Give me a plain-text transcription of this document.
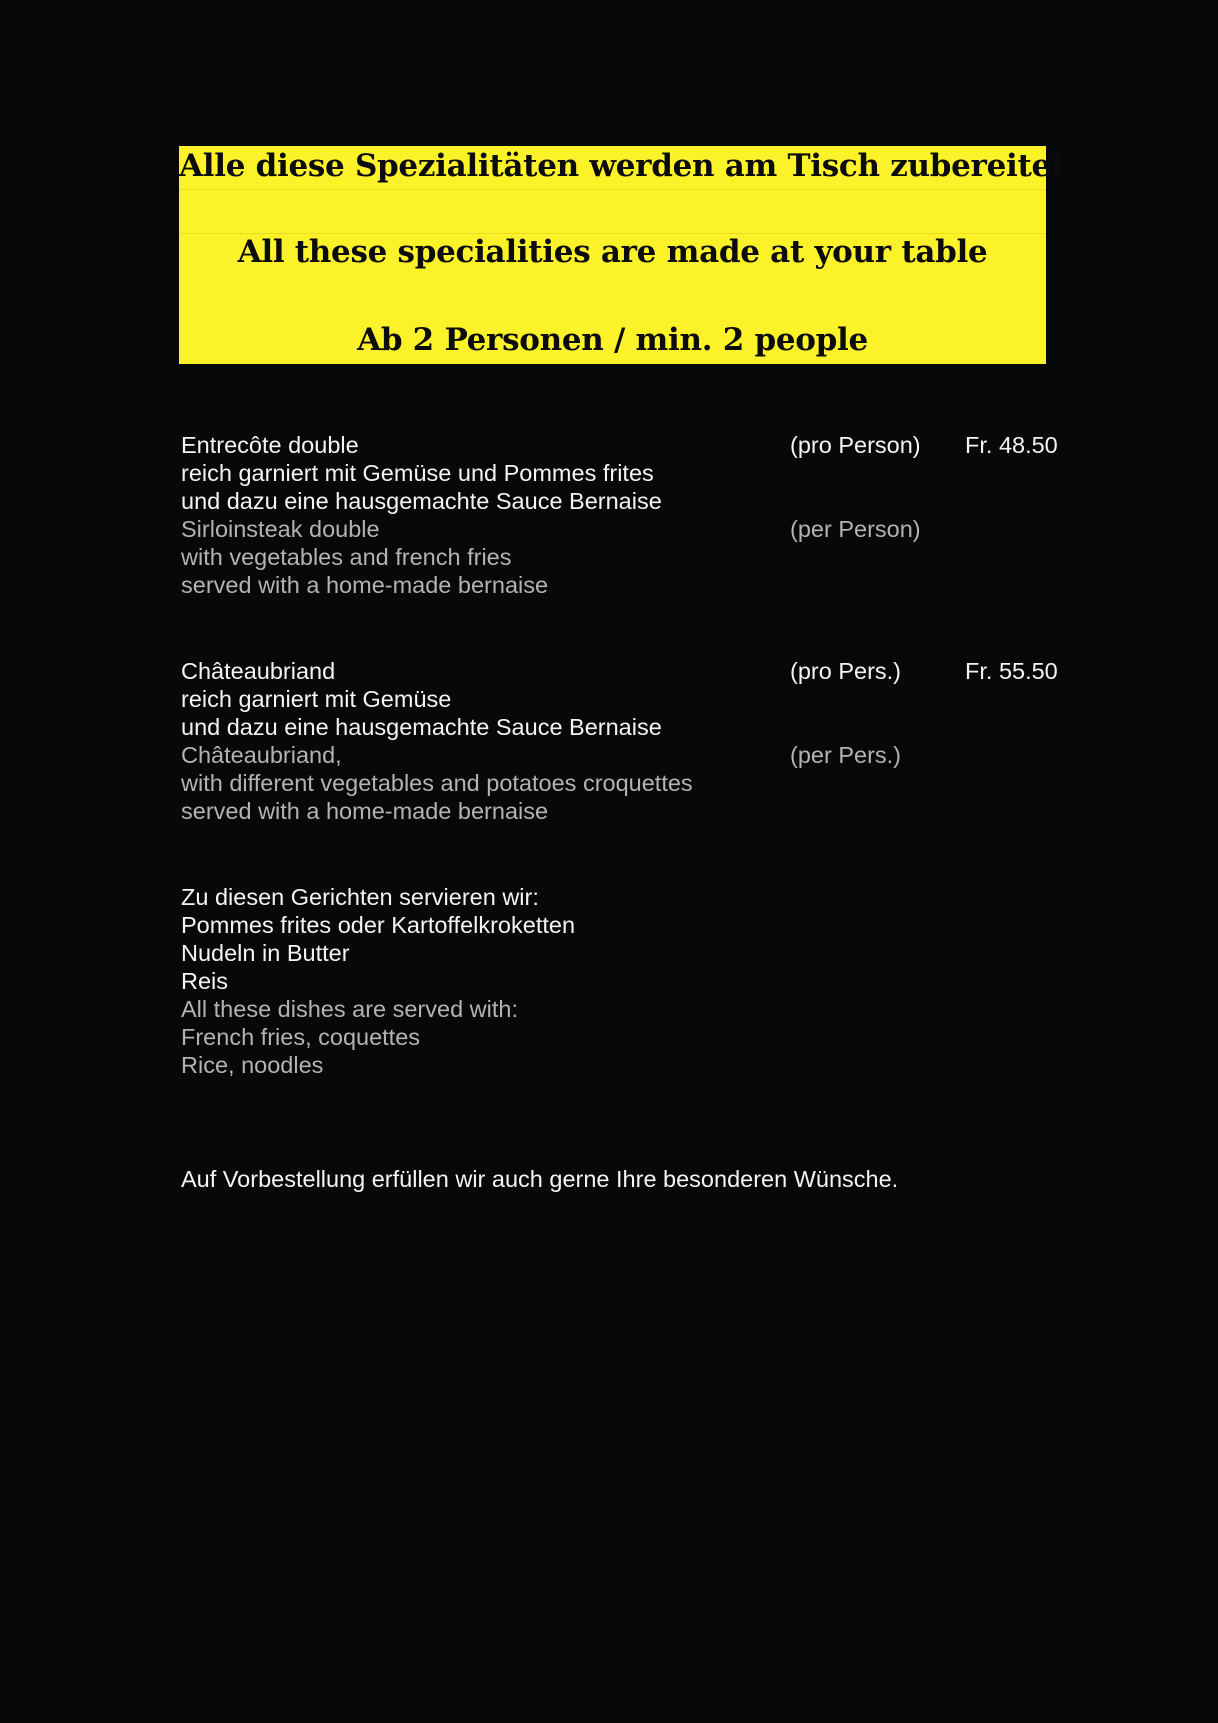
Alle diese Spezialitäten werden am Tisch zubereitet
All these specialities are made at your table
Ab 2 Personen / min. 2 people
Entrecôte double	(pro Person) Fr. 48.50
reich garniert mit Gemüse und Pommes frites
und dazu eine hausgemachte Sauce Bernaise
Sirloinsteak double	(per Person)
with vegetables and french fries
served with a home-made bernaise
Châteaubriand	(pro Pers.)	Fr. 55.50
reich garniert mit Gemüse
und dazu eine hausgemachte Sauce Bernaise
Châteaubriand,	(per Pers.)
with different vegetables and potatoes croquettes
served with a home-made bernaise
Zu diesen Gerichten servieren wir:
Pommes frites oder Kartoffelkroketten
Nudeln in Butter
Reis
All these dishes are served with:
French fries, coquettes
Rice, noodles
Auf Vorbestellung erfüllen wir auch gerne Ihre besonderen Wünsche.
